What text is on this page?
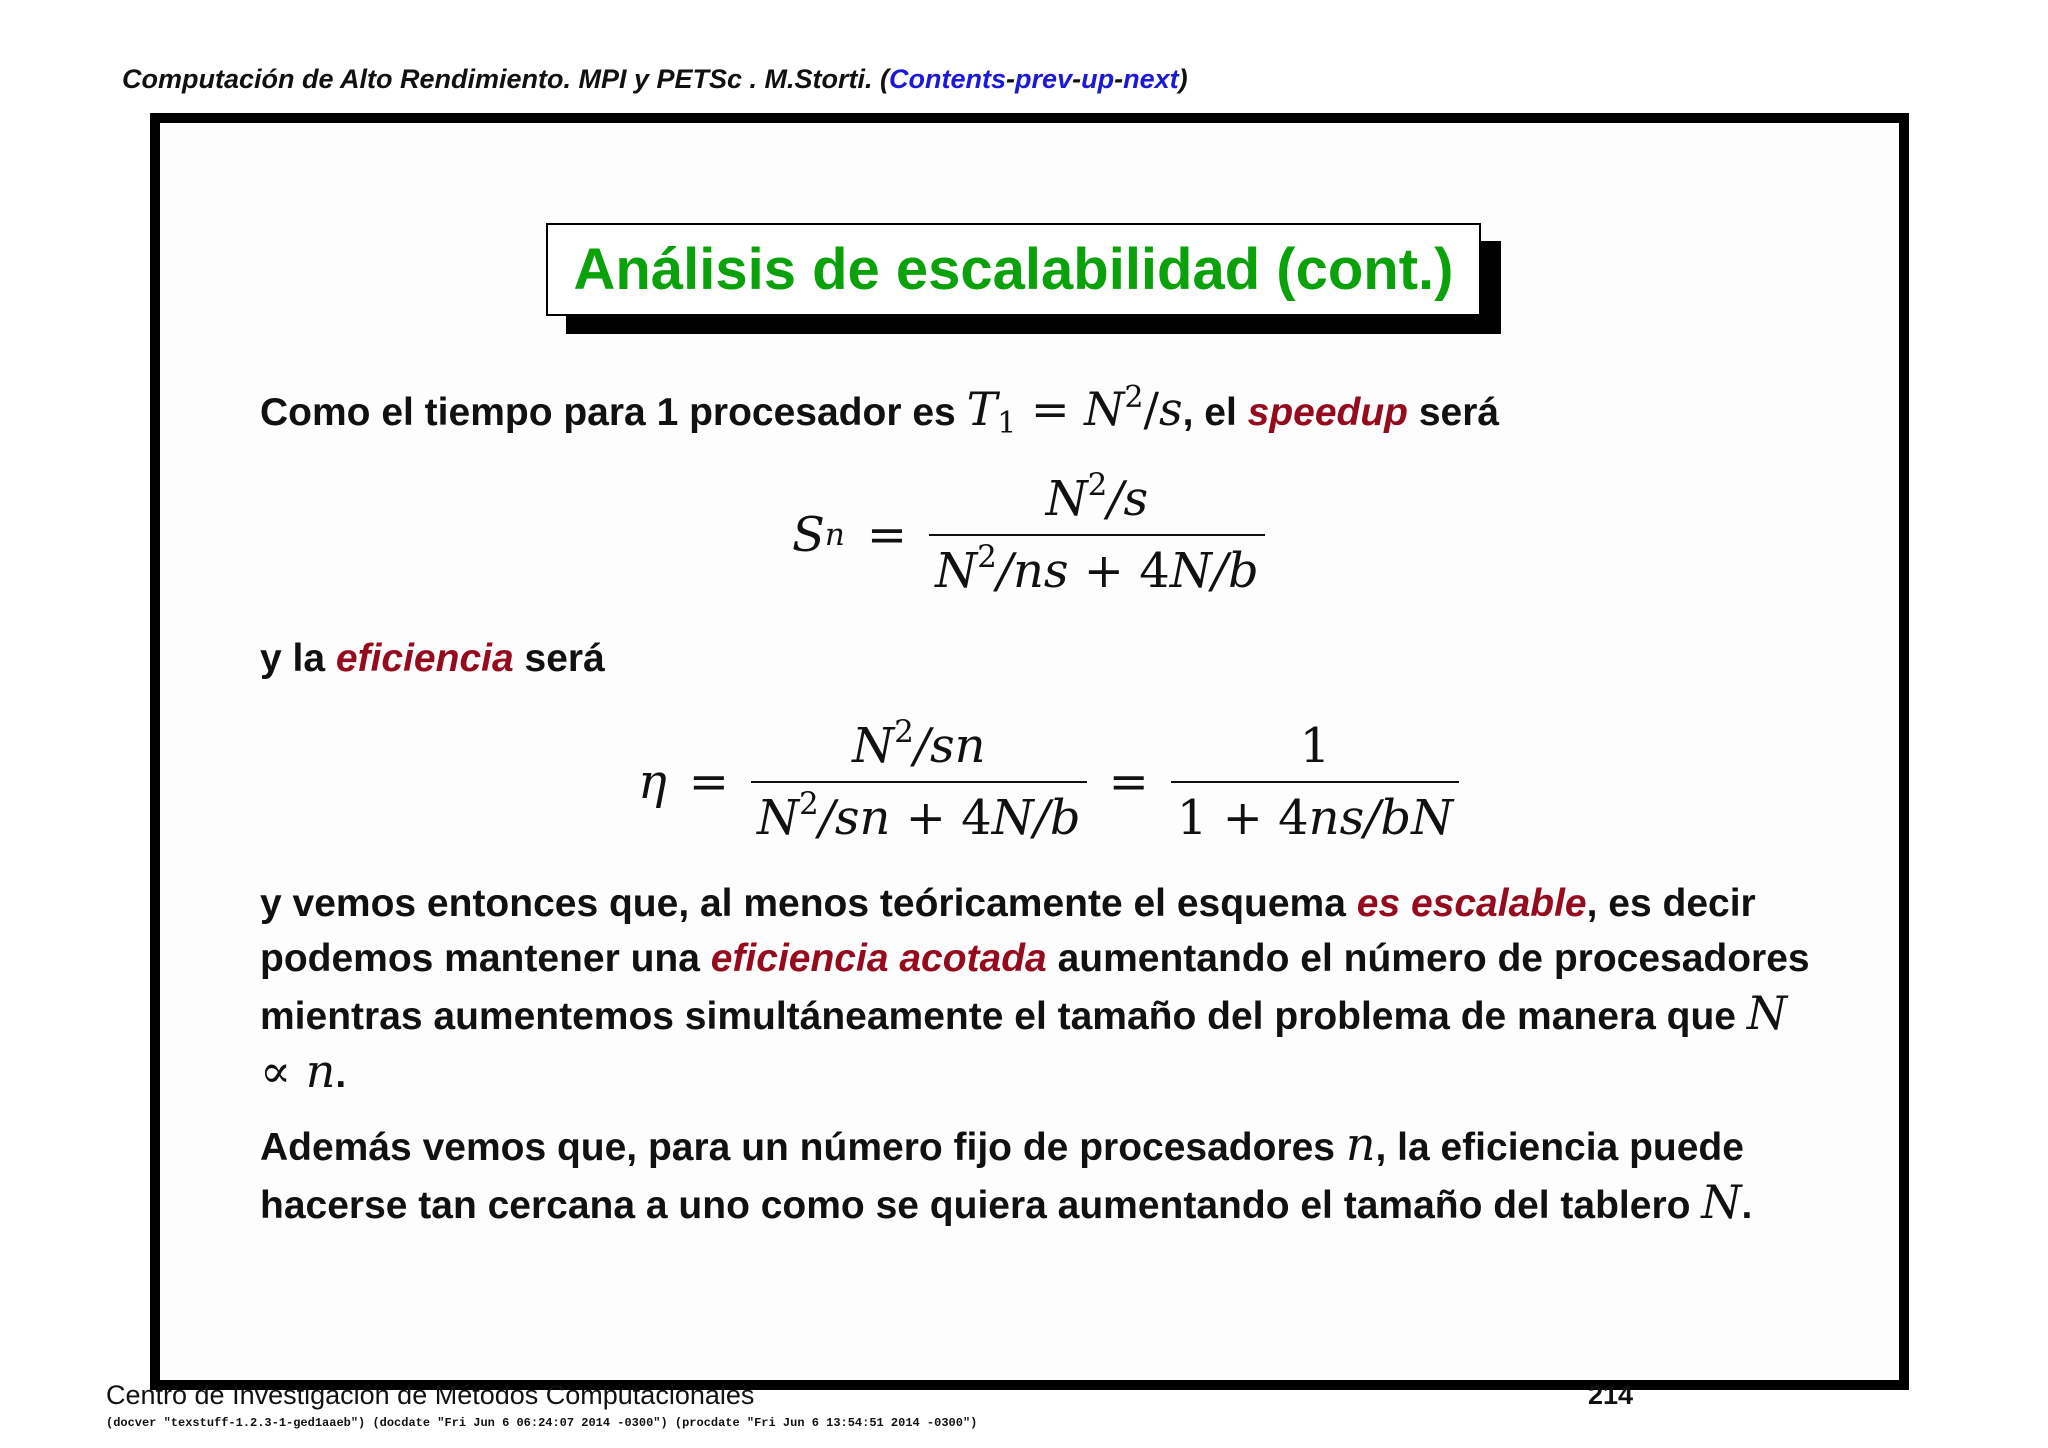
Computación de Alto Rendimiento. MPI y PETSc . M.Storti. (Contents-prev-up-next)
Análisis de escalabilidad (cont.)
Como el tiempo para 1 procesador es $T_1 = N^2/s$, el speedup será
S $n = \frac{N^2/s}{N^2/ns + 4N/b}$
y la eficiencia será
$\eta = \frac{N^2/sn}{N^2/sn + 4N/b} = \frac{1}{1 + 4ns/bN}$
y vemos entonces que, al menos teóricamente el esquema es escalable, es decir podemos mantener una eficiencia acotada aumentando el número de procesadores mientras aumentemos simultáneamente el tamaño del problema de manera que N ∝ n.
Además vemos que, para un número fijo de procesadores n, la eficiencia puede hacerse tan cercana a uno como se quiera aumentando el tamaño del tablero N.
Centro de Investigación de Métodos Computacionales	214
(docver "texstuff-1.2.3-1-ged1aaeb") (docdate "Fri Jun 6 06:24:07 2014 -0300") (procdate "Fri Jun 6 13:54:51 2014 -0300")
